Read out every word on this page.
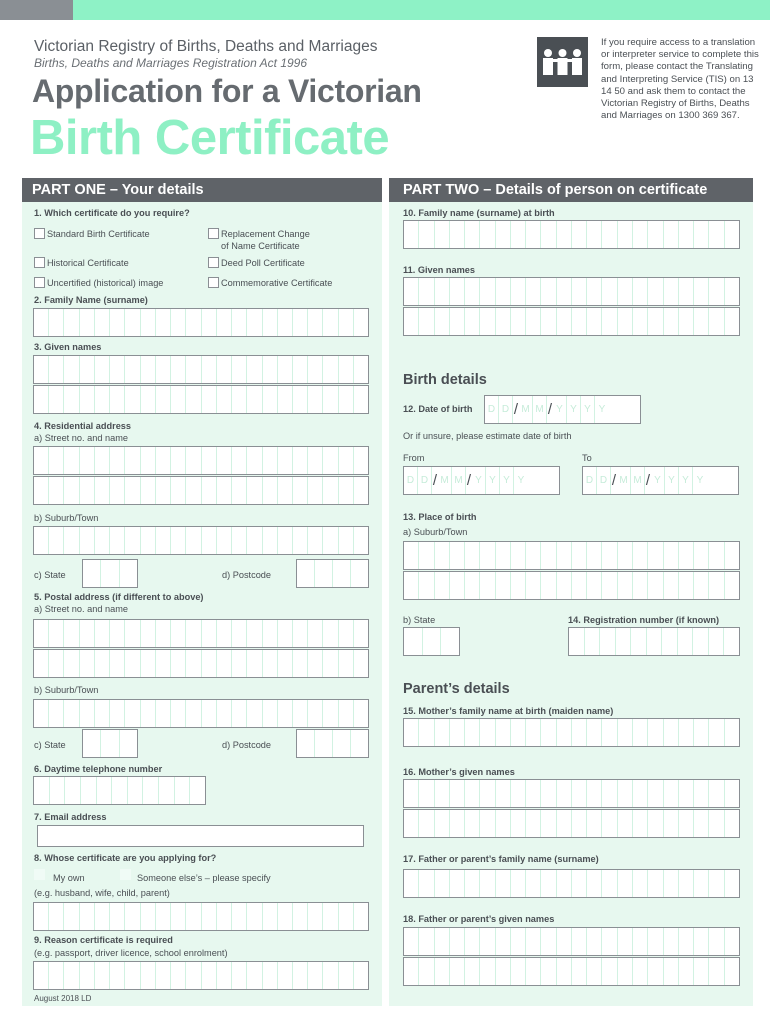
Victorian Registry of Births, Deaths and Marriages
Births, Deaths and Marriages Registration Act 1996
Application for a Victorian
Birth Certificate
If you require access to a translation or interpreter service to complete this form, please contact the Translating and Interpreting Service (TIS) on 13 14 50 and ask them to contact the Victorian Registry of Births, Deaths and Marriages on 1300 369 367.
PART ONE – Your details
1. Which certificate do you require?
Standard Birth Certificate	Replacement Change
of Name Certificate
Historical Certificate	Deed Poll Certificate
Uncertified (historical) image	Commemorative Certificate
2. Family Name (surname)
3. Given names
4. Residential address
a) Street no. and name
b) Suburb/Town
c) State	d) Postcode
5. Postal address (if different to above)
a) Street no. and name
b) Suburb/Town
c) State	d) Postcode
6. Daytime telephone number
7. Email address
8. Whose certificate are you applying for?
My own	Someone else’s – please specify
(e.g. husband, wife, child, parent)
9. Reason certificate is required
(e.g. passport, driver licence, school enrolment)
August 2018 LD
PART TWO – Details of person on certificate
10. Family name (surname) at birth
11. Given names
Birth details
12. Date of birth D D / M M / Y Y Y Y
Or if unsure, please estimate date of birth
From	To
D D / M M / Y Y Y Y	D D / M M / Y Y Y Y
13. Place of birth
a) Suburb/Town
b) State	14. Registration number (if known)
Parent’s details
15. Mother’s family name at birth (maiden name)
16. Mother’s given names
17. Father or parent’s family name (surname)
18. Father or parent’s given names
